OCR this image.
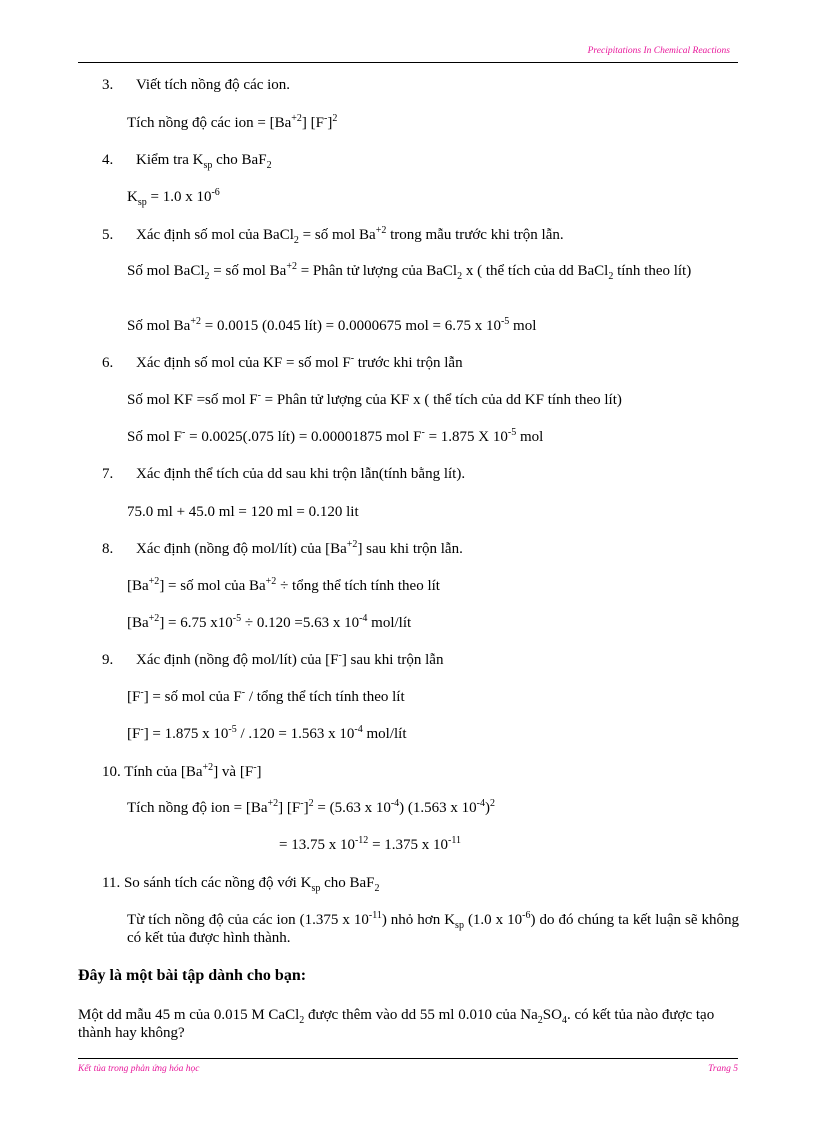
Precipitations In Chemical Reactions
3. Viết tích nồng độ các ion.
Tích nồng độ các ion = $[Ba^{+2}]$ $[F^-]^2$
4. Kiểm tra $K_{sp}$ cho BaF$_2$
$K_{sp} = 1.0$ x $10^{-6}$
5. Xác định số mol của BaCl$_2$ = số mol $Ba^{+2}$ trong mẫu trước khi trộn lẫn.
Số mol BaCl$_2$ = số mol $Ba^{+2}$ = Phân tử lượng của BaCl$_2$ x ( thể tích của dd BaCl$_2$ tính theo lít)
Số mol $Ba^{+2} = 0.0015$ (0.045 lít) = 0.0000675 mol = 6.75 x $10^{-5}$ mol
6. Xác định số mol của KF = số mol F- trước khi trộn lẫn
Số mol KF =số mol F- = Phân tử lượng của KF x ( thể tích của dd KF tính theo lít)
Số mol F- = 0.0025(.075 lít) = 0.00001875 mol F- = 1.875 X $10^{-5}$ mol
7. Xác định thể tích của dd sau khi trộn lẫn(tính bằng lít).
75.0 ml + 45.0 ml = 120 ml = 0.120 lit
8. Xác định (nồng độ mol/lít) của $[Ba^{+2}]$ sau khi trộn lẫn.
$[Ba^{+2}]$ = số mol của $Ba^{+2}$ ÷ tổng thể tích tính theo lít
$[Ba^{+2}] = 6.75$ $x10^{-5} \div 0.120 =5.63$ x $10^{-4}$ mol/lít
9. Xác định (nồng độ mol/lít) của [F-] sau khi trộn lẫn
[F-] = số mol của F- / tổng thể tích tính theo lít
[F-] = 1.875 x $10^{-5} / .120 = 1.563$ x $10^{-4}$ mol/lít
10. Tính của $[Ba^{+2}]$ và [F-]
Tích nồng độ ion = $[Ba^{+2}] [F^-]^2 = (5.63$ x $10^{-4}$) (1.563 x $10^{-4})^2$
= 13.75 x $10^{-12} = 1.375$ x $10^{-11}$
11. So sánh tích các nồng độ với $K_{sp}$ cho BaF$_2$
Từ tích nồng độ của các ion (1.375 x $10^{-11}$) nhỏ hơn $K_{sp}$ (1.0 x $10^{-6}$) do đó chúng ta kết luận sẽ không có kết tủa được hình thành.
Đây là một bài tập dành cho bạn:
Một dd mẫu 45 m của 0.015 M CaCl$_2$ được thêm vào dd 55 ml 0.010 của $Na_2SO_4$. có kết tủa nào được tạo thành hay không?
Kết tủa trong phản ứng hóa học	Trang 5
